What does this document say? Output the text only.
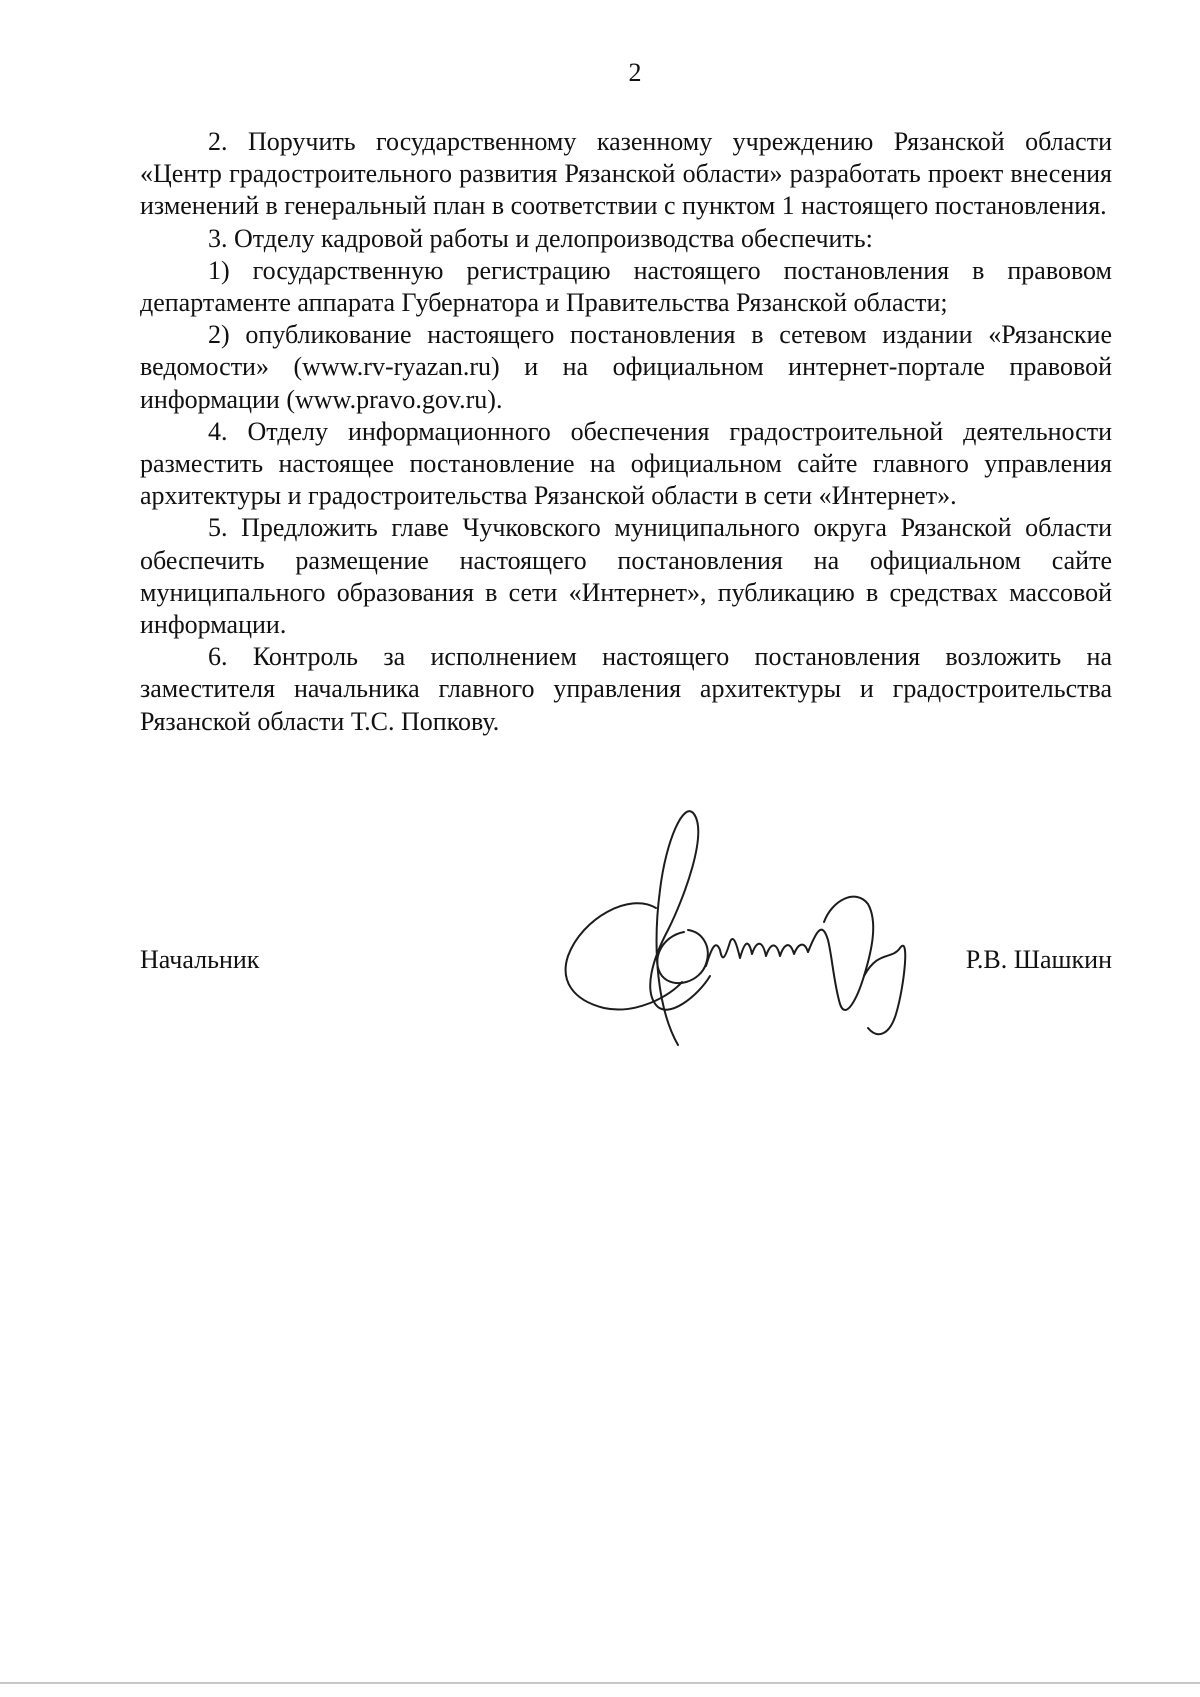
2

2. Поручить государственному казенному учреждению Рязанской области «Центр градостроительного развития Рязанской области» разработать проект внесения изменений в генеральный план в соответствии с пунктом 1 настоящего постановления.

3. Отделу кадровой работы и делопроизводства обеспечить:

1) государственную регистрацию настоящего постановления в правовом департаменте аппарата Губернатора и Правительства Рязанской области;

2) опубликование настоящего постановления в сетевом издании «Рязанские ведомости» (www.rv-ryazan.ru) и на официальном интернет-портале правовой информации (www.pravo.gov.ru).

4. Отделу информационного обеспечения градостроительной деятельности разместить настоящее постановление на официальном сайте главного управления архитектуры и градостроительства Рязанской области в сети «Интернет».

5. Предложить главе Чучковского муниципального округа Рязанской области обеспечить размещение настоящего постановления на официальном сайте муниципального образования в сети «Интернет», публикацию в средствах массовой информации.

6. Контроль за исполнением настоящего постановления возложить на заместителя начальника главного управления архитектуры и градостроительства Рязанской области Т.С. Попкову.

Начальник	Р.В. Шашкин
